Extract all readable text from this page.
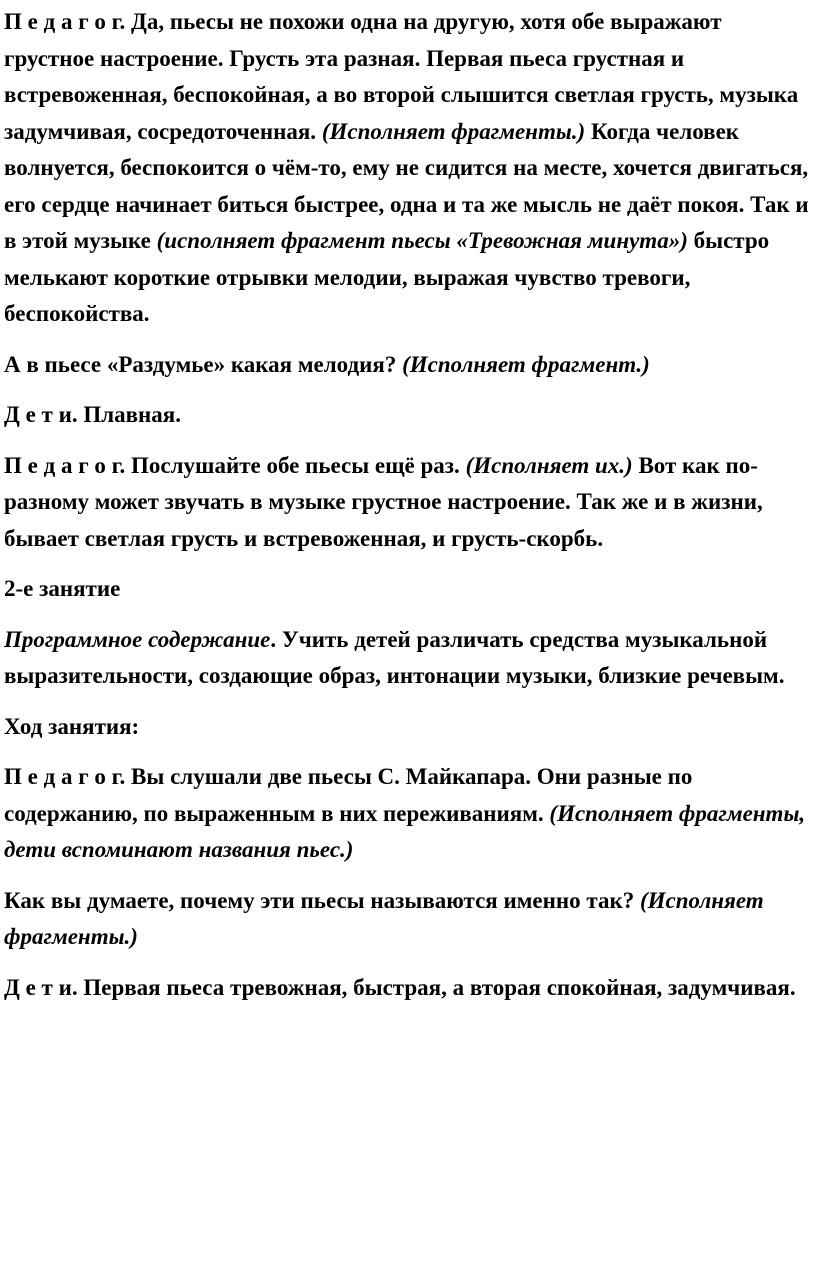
П е д а г о г. Да, пьесы не похожи одна на другую, хотя обе выражают грустное настроение. Грусть эта разная. Первая пьеса грустная и встревоженная, беспокойная, а во второй слышится светлая грусть, музыка задумчивая, сосредоточенная. (Исполняет фрагменты.) Когда человек волнуется, беспокоится о чём-то, ему не сидится на месте, хочется двигаться, его сердце начинает биться быстрее, одна и та же мысль не даёт покоя. Так и в этой музыке (исполняет фрагмент пьесы «Тревожная минута») быстро мелькают короткие отрывки мелодии, выражая чувство тревоги, беспокойства.

А в пьесе «Раздумье» какая мелодия? (Исполняет фрагмент.)

Д е т и. Плавная.

П е д а г о г. Послушайте обе пьесы ещё раз. (Исполняет их.) Вот как по-разному может звучать в музыке грустное настроение. Так же и в жизни, бывает светлая грусть и встревоженная, и грусть-скорбь.

2-е занятие

Программное содержание. Учить детей различать средства музыкальной выразительности, создающие образ, интонации музыки, близкие речевым.

Ход занятия:

П е д а г о г. Вы слушали две пьесы С. Майкапара. Они разные по содержанию, по выраженным в них переживаниям. (Исполняет фрагменты, дети вспоминают названия пьес.)

Как вы думаете, почему эти пьесы называются именно так? (Исполняет фрагменты.)

Д е т и. Первая пьеса тревожная, быстрая, а вторая спокойная, задумчивая.
